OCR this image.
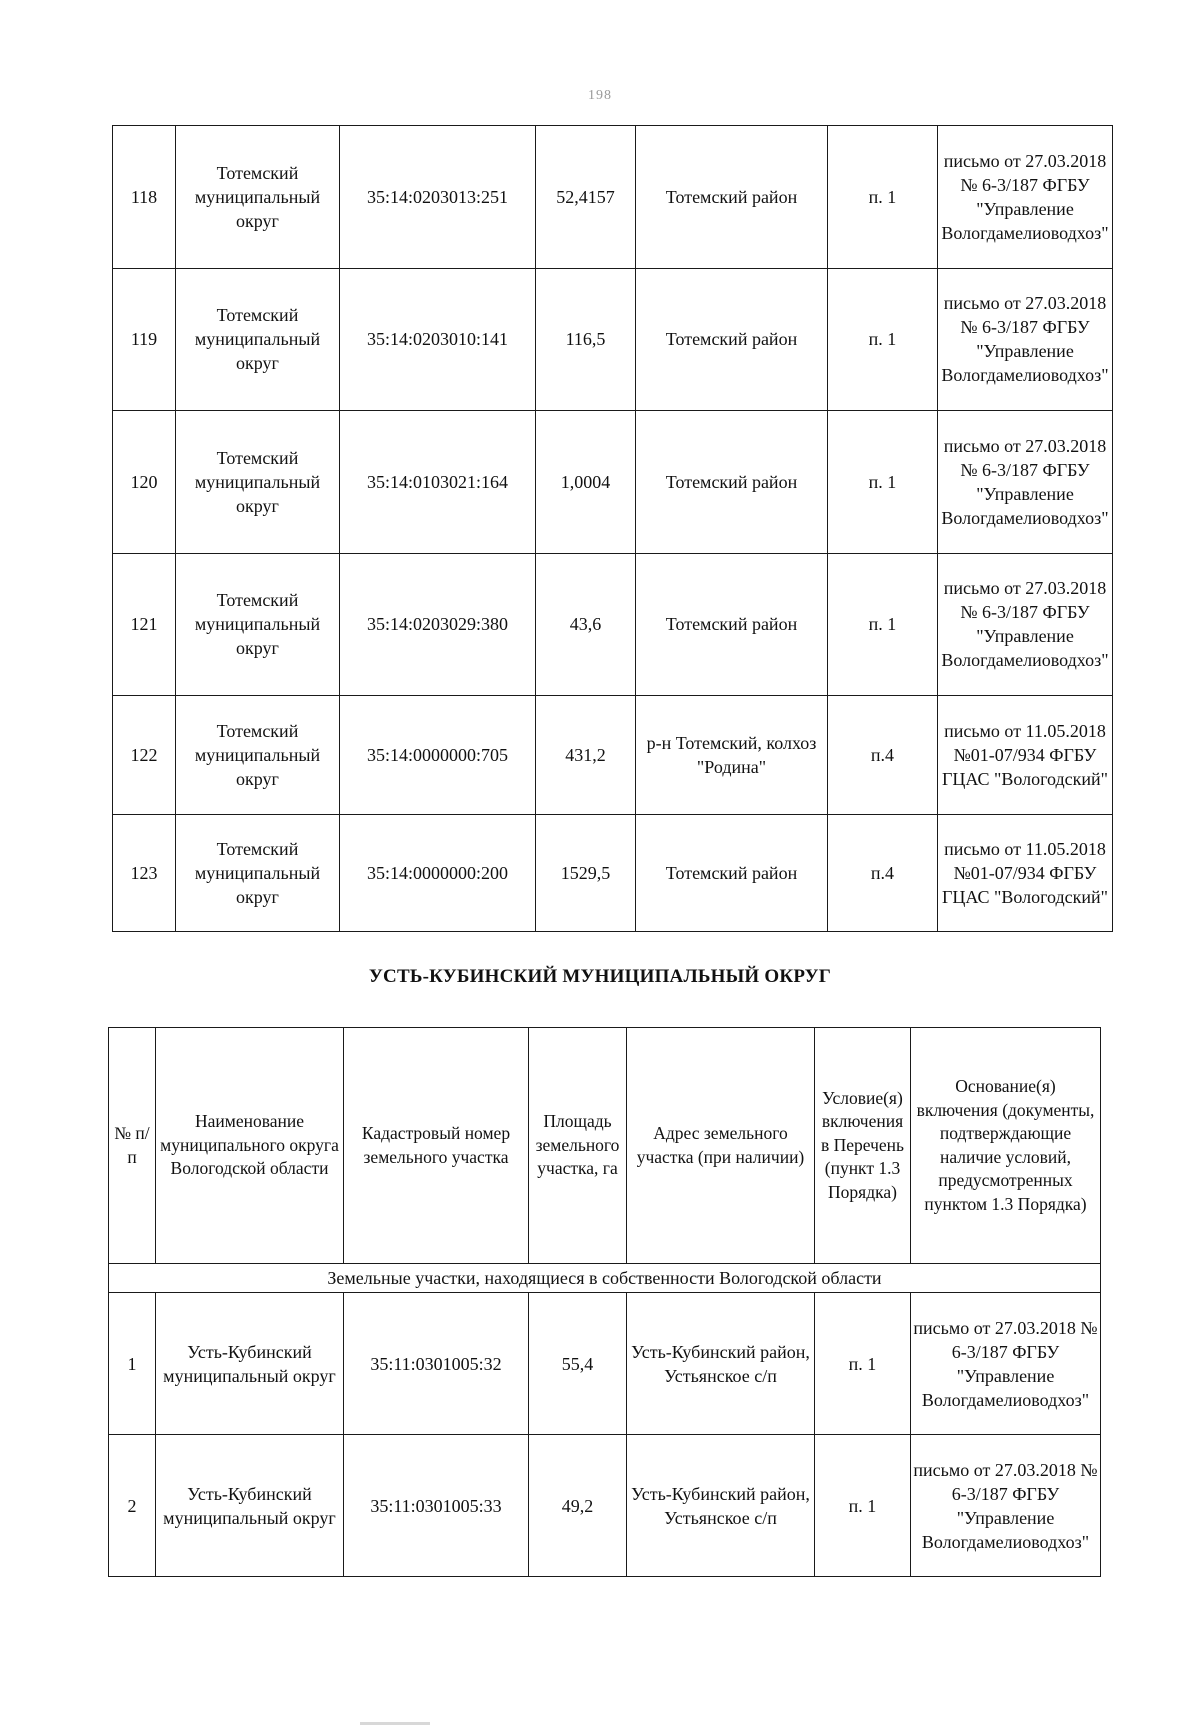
198
118	Тотемский муниципальный округ	35:14:0203013:251	52,4157	Тотемский район	п. 1	письмо от 27.03.2018 № 6-3/187 ФГБУ "Управление Вологдамелиоводхоз"
119	Тотемский муниципальный округ	35:14:0203010:141	116,5	Тотемский район	п. 1	письмо от 27.03.2018 № 6-3/187 ФГБУ "Управление Вологдамелиоводхоз"
120	Тотемский муниципальный округ	35:14:0103021:164	1,0004	Тотемский район	п. 1	письмо от 27.03.2018 № 6-3/187 ФГБУ "Управление Вологдамелиоводхоз"
121	Тотемский муниципальный округ	35:14:0203029:380	43,6	Тотемский район	п. 1	письмо от 27.03.2018 № 6-3/187 ФГБУ "Управление Вологдамелиоводхоз"
122	Тотемский муниципальный округ	35:14:0000000:705	431,2	р-н Тотемский, колхоз "Родина"	п.4	письмо от 11.05.2018 №01-07/934 ФГБУ ГЦАС "Вологодский"
123	Тотемский муниципальный округ	35:14:0000000:200	1529,5	Тотемский район	п.4	письмо от 11.05.2018 №01-07/934 ФГБУ ГЦАС "Вологодский"
УСТЬ-КУБИНСКИЙ МУНИЦИПАЛЬНЫЙ ОКРУГ
№ п/п	Наименование муниципального округа Вологодской области	Кадастровый номер земельного участка	Площадь земельного участка, га	Адрес земельного участка (при наличии)	Условие(я) включения в Перечень (пункт 1.3 Порядка)	Основание(я) включения (документы, подтверждающие наличие условий, предусмотренных пунктом 1.3 Порядка)
Земельные участки, находящиеся в собственности Вологодской области						
1	Усть-Кубинский муниципальный округ	35:11:0301005:32	55,4	Усть-Кубинский район, Устьянское с/п	п. 1	письмо от 27.03.2018 № 6-3/187 ФГБУ "Управление Вологдамелиоводхоз"
2	Усть-Кубинский муниципальный округ	35:11:0301005:33	49,2	Усть-Кубинский район, Устьянское с/п	п. 1	письмо от 27.03.2018 № 6-3/187 ФГБУ "Управление Вологдамелиоводхоз"
